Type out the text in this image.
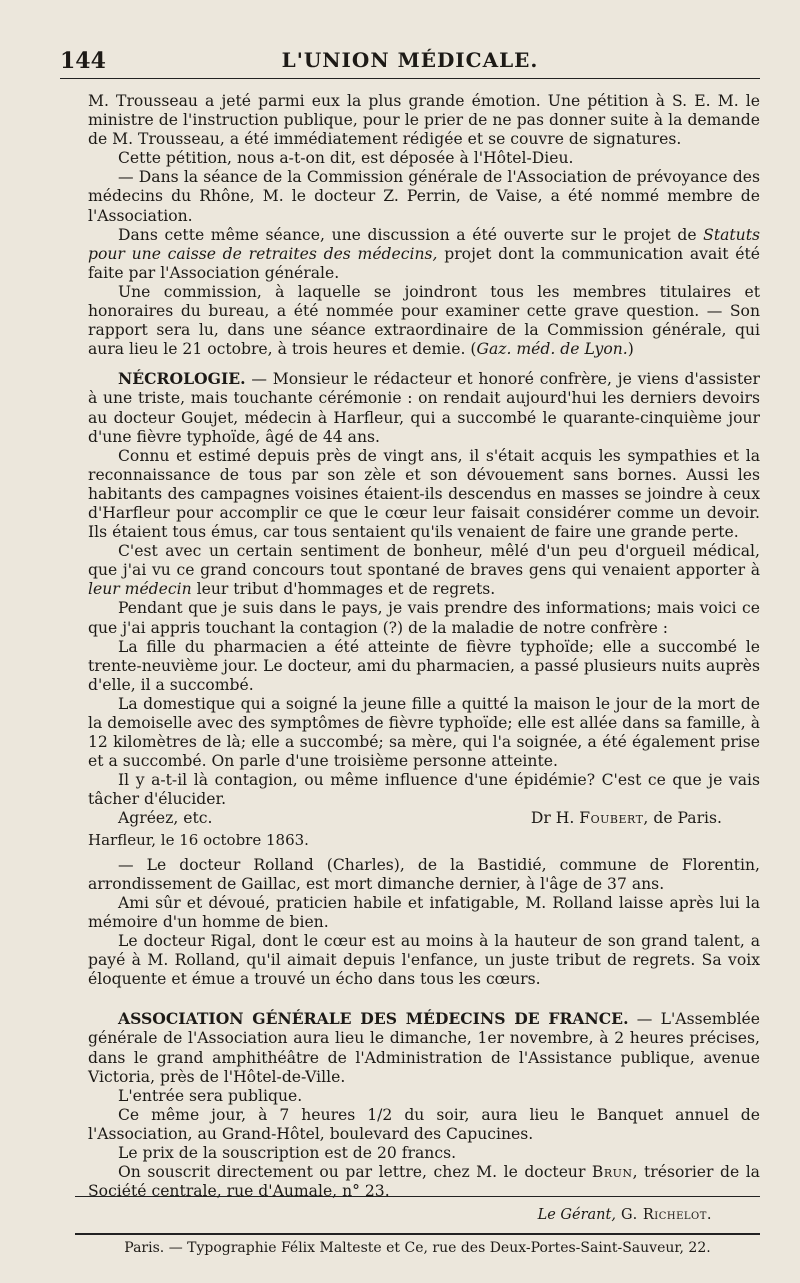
144	L'UNION MÉDICALE.

M. Trousseau a jeté parmi eux la plus grande émotion. Une pétition à S. E. M. le ministre de l'instruction publique, pour le prier de ne pas donner suite à la demande de M. Trousseau, a été immédiatement rédigée et se couvre de signatures.

Cette pétition, nous a-t-on dit, est déposée à l'Hôtel-Dieu.

— Dans la séance de la Commission générale de l'Association de prévoyance des médecins du Rhône, M. le docteur Z. Perrin, de Vaise, a été nommé membre de l'Association.

Dans cette même séance, une discussion a été ouverte sur le projet de Statuts pour une caisse de retraites des médecins, projet dont la communication avait été faite par l'Association générale.

Une commission, à laquelle se joindront tous les membres titulaires et honoraires du bureau, a été nommée pour examiner cette grave question. — Son rapport sera lu, dans une séance extraordinaire de la Commission générale, qui aura lieu le 21 octobre, à trois heures et demie. (Gaz. méd. de Lyon.)

NÉCROLOGIE. — Monsieur le rédacteur et honoré confrère, je viens d'assister à une triste, mais touchante cérémonie : on rendait aujourd'hui les derniers devoirs au docteur Goujet, médecin à Harfleur, qui a succombé le quarante-cinquième jour d'une fièvre typhoïde, âgé de 44 ans.

Connu et estimé depuis près de vingt ans, il s'était acquis les sympathies et la reconnaissance de tous par son zèle et son dévouement sans bornes. Aussi les habitants des campagnes voisines étaient-ils descendus en masses se joindre à ceux d'Harfleur pour accomplir ce que le cœur leur faisait considérer comme un devoir. Ils étaient tous émus, car tous sentaient qu'ils venaient de faire une grande perte.

C'est avec un certain sentiment de bonheur, mêlé d'un peu d'orgueil médical, que j'ai vu ce grand concours tout spontané de braves gens qui venaient apporter à leur médecin leur tribut d'hommages et de regrets.

Pendant que je suis dans le pays, je vais prendre des informations; mais voici ce que j'ai appris touchant la contagion (?) de la maladie de notre confrère :

La fille du pharmacien a été atteinte de fièvre typhoïde; elle a succombé le trente-neuvième jour. Le docteur, ami du pharmacien, a passé plusieurs nuits auprès d'elle, il a succombé.

La domestique qui a soigné la jeune fille a quitté la maison le jour de la mort de la demoiselle avec des symptômes de fièvre typhoïde; elle est allée dans sa famille, à 12 kilomètres de là; elle a succombé; sa mère, qui l'a soignée, a été également prise et a succombé. On parle d'une troisième personne atteinte.

Il y a-t-il là contagion, ou même influence d'une épidémie? C'est ce que je vais tâcher d'élucider.

Agréez, etc.	Dr H. Foubert, de Paris.
Harfleur, le 16 octobre 1863.

— Le docteur Rolland (Charles), de la Bastidié, commune de Florentin, arrondissement de Gaillac, est mort dimanche dernier, à l'âge de 37 ans.

Ami sûr et dévoué, praticien habile et infatigable, M. Rolland laisse après lui la mémoire d'un homme de bien.

Le docteur Rigal, dont le cœur est au moins à la hauteur de son grand talent, a payé à M. Rolland, qu'il aimait depuis l'enfance, un juste tribut de regrets. Sa voix éloquente et émue a trouvé un écho dans tous les cœurs.

ASSOCIATION GÉNÉRALE DES MÉDECINS DE FRANCE. — L'Assemblée générale de l'Association aura lieu le dimanche, 1er novembre, à 2 heures précises, dans le grand amphithéâtre de l'Administration de l'Assistance publique, avenue Victoria, près de l'Hôtel-de-Ville.

L'entrée sera publique.

Ce même jour, à 7 heures 1/2 du soir, aura lieu le Banquet annuel de l'Association, au Grand-Hôtel, boulevard des Capucines.

Le prix de la souscription est de 20 francs.

On souscrit directement ou par lettre, chez M. le docteur Brun, trésorier de la Société centrale, rue d'Aumale, n° 23.

Le Gérant, G. Richelot.
Paris. — Typographie Félix Malteste et Ce, rue des Deux-Portes-Saint-Sauveur, 22.
